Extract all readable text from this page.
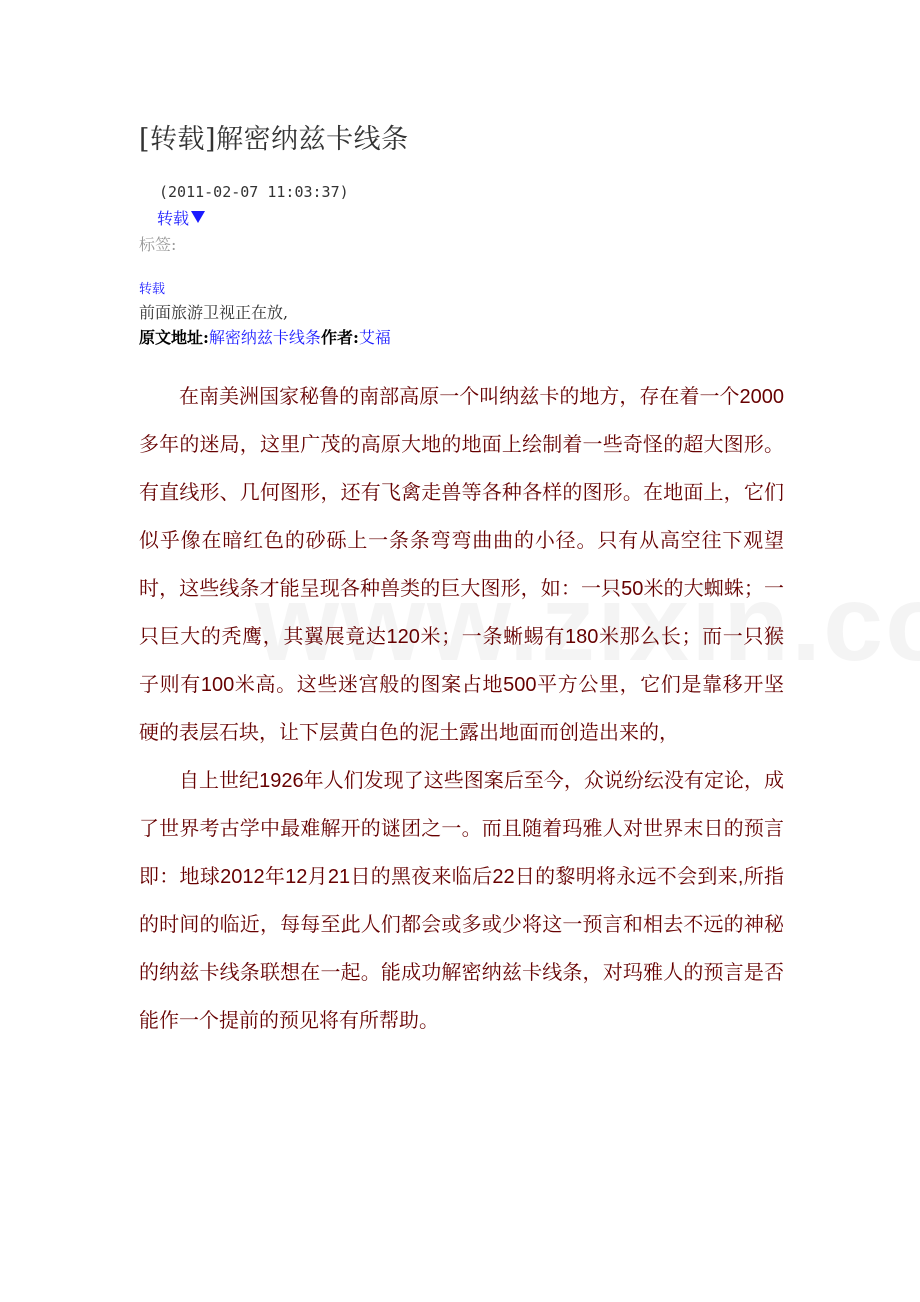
[转载]解密纳兹卡线条
(2011-02-07 11:03:37)
转载
标签:
转载
前面旅游卫视正在放,
原文地址:解密纳兹卡线条作者:艾福

在南美洲国家秘鲁的南部高原一个叫纳兹卡的地方，存在着一个2000多年的迷局，这里广茂的高原大地的地面上绘制着一些奇怪的超大图形。有直线形、几何图形，还有飞禽走兽等各种各样的图形。在地面上，它们似乎像在暗红色的砂砾上一条条弯弯曲曲的小径。只有从高空往下观望时，这些线条才能呈现各种兽类的巨大图形，如：一只50米的大蜘蛛；一只巨大的秃鹰，其翼展竟达120米；一条蜥蜴有180米那么长；而一只猴子则有100米高。这些迷宫般的图案占地500平方公里，它们是靠移开坚硬的表层石块，让下层黄白色的泥土露出地面而创造出来的，

自上世纪1926年人们发现了这些图案后至今，众说纷纭没有定论，成了世界考古学中最难解开的谜团之一。而且随着玛雅人对世界末日的预言即：地球2012年12月21日的黑夜来临后22日的黎明将永远不会到来,所指的时间的临近，每每至此人们都会或多或少将这一预言和相去不远的神秘的纳兹卡线条联想在一起。能成功解密纳兹卡线条，对玛雅人的预言是否能作一个提前的预见将有所帮助。
